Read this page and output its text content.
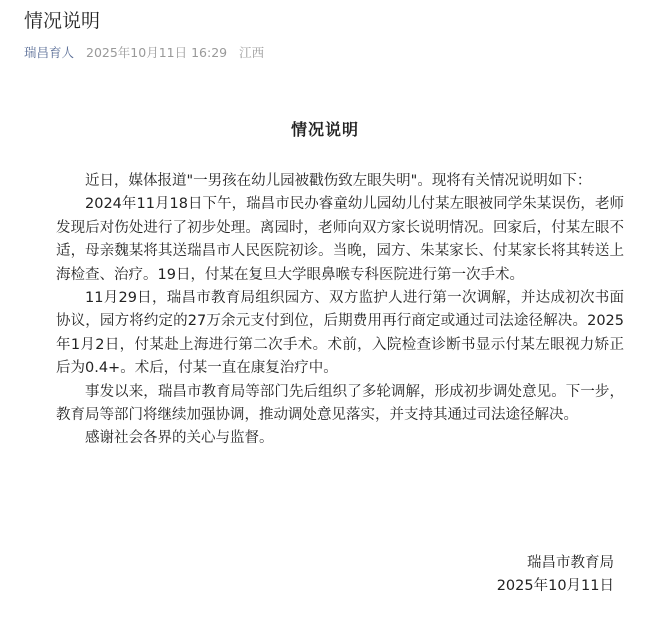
情况说明
瑞昌育人 2025年10月11日 16:29 江西
情况说明

近日，媒体报道"一男孩在幼儿园被戳伤致左眼失明"。现将有关情况说明如下：

2024年11月18日下午，瑞昌市民办睿童幼儿园幼儿付某左眼被同学朱某误伤，老师发现后对伤处进行了初步处理。离园时，老师向双方家长说明情况。回家后，付某左眼不适，母亲魏某将其送瑞昌市人民医院初诊。当晚，园方、朱某家长、付某家长将其转送上海检查、治疗。19日，付某在复旦大学眼鼻喉专科医院进行第一次手术。

11月29日，瑞昌市教育局组织园方、双方监护人进行第一次调解，并达成初次书面协议，园方将约定的27万余元支付到位，后期费用再行商定或通过司法途径解决。2025年1月2日，付某赴上海进行第二次手术。术前，入院检查诊断书显示付某左眼视力矫正后为0.4+。术后，付某一直在康复治疗中。

事发以来，瑞昌市教育局等部门先后组织了多轮调解，形成初步调处意见。下一步，教育局等部门将继续加强协调，推动调处意见落实，并支持其通过司法途径解决。

感谢社会各界的关心与监督。

瑞昌市教育局
2025年10月11日
